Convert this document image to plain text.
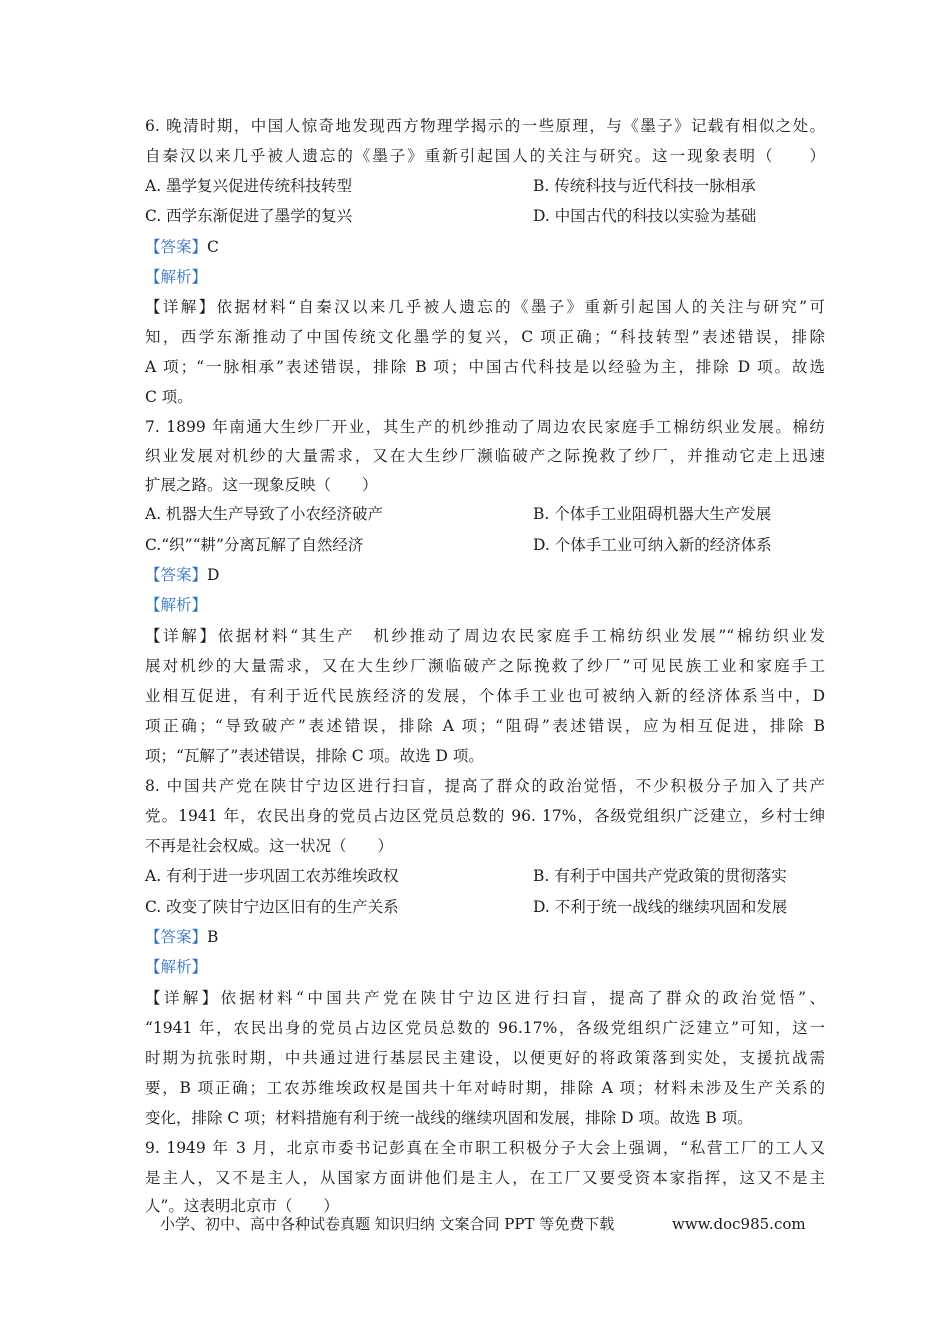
6. 晚清时期，中国人惊奇地发现西方物理学揭示的一些原理，与《墨子》记载有相似之处。
自秦汉以来几乎被人遗忘的《墨子》重新引起国人的关注与研究。这一现象表明（　　）
A. 墨学复兴促进传统科技转型	B. 传统科技与近代科技一脉相承
C. 西学东渐促进了墨学的复兴	D. 中国古代的科技以实验为基础
【答案】C
【解析】
【详解】依据材料“自秦汉以来几乎被人遗忘的《墨子》重新引起国人的关注与研究”可
知，西学东渐推动了中国传统文化墨学的复兴，C 项正确；“科技转型”表述错误，排除
A 项；“一脉相承”表述错误，排除 B 项；中国古代科技是以经验为主，排除 D 项。故选
C 项。
7. 1899 年南通大生纱厂开业，其生产的机纱推动了周边农民家庭手工棉纺织业发展。棉纺
织业发展对机纱的大量需求，又在大生纱厂濒临破产之际挽救了纱厂，并推动它走上迅速
扩展之路。这一现象反映（　　）
A. 机器大生产导致了小农经济破产	B. 个体手工业阻碍机器大生产发展
C.“织”“耕”分离瓦解了自然经济	D. 个体手工业可纳入新的经济体系
【答案】D
【解析】
【详解】依据材料“其生产　机纱推动了周边农民家庭手工棉纺织业发展”“棉纺织业发
展对机纱的大量需求，又在大生纱厂濒临破产之际挽救了纱厂”可见民族工业和家庭手工
业相互促进，有利于近代民族经济的发展，个体手工业也可被纳入新的经济体系当中，D
项正确；“导致破产”表述错误，排除 A 项；“阻碍”表述错误，应为相互促进，排除 B
项；“瓦解了”表述错误，排除 C 项。故选 D 项。
8. 中国共产党在陕甘宁边区进行扫盲，提高了群众的政治觉悟，不少积极分子加入了共产
党。1941 年，农民出身的党员占边区党员总数的 96. 17%，各级党组织广泛建立，乡村士绅
不再是社会权威。这一状况（　　）
A. 有利于进一步巩固工农苏维埃政权	B. 有利于中国共产党政策的贯彻落实
C. 改变了陕甘宁边区旧有的生产关系	D. 不利于统一战线的继续巩固和发展
【答案】B
【解析】
【详解】依据材料“中国共产党在陕甘宁边区进行扫盲，提高了群众的政治觉悟”、
“1941 年，农民出身的党员占边区党员总数的 96.17%，各级党组织广泛建立”可知，这一
时期为抗张时期，中共通过进行基层民主建设，以便更好的将政策落到实处，支援抗战需
要，B 项正确；工农苏维埃政权是国共十年对峙时期，排除 A 项；材料未涉及生产关系的
变化，排除 C 项；材料措施有利于统一战线的继续巩固和发展，排除 D 项。故选 B 项。
9. 1949 年 3 月，北京市委书记彭真在全市职工积极分子大会上强调，“私营工厂的工人又
是主人，又不是主人，从国家方面讲他们是主人，在工厂又要受资本家指挥，这又不是主
人”。这表明北京市（　　）
小学、初中、高中各种试卷真题 知识归纳 文案合同 PPT 等免费下载	www.doc985.com
